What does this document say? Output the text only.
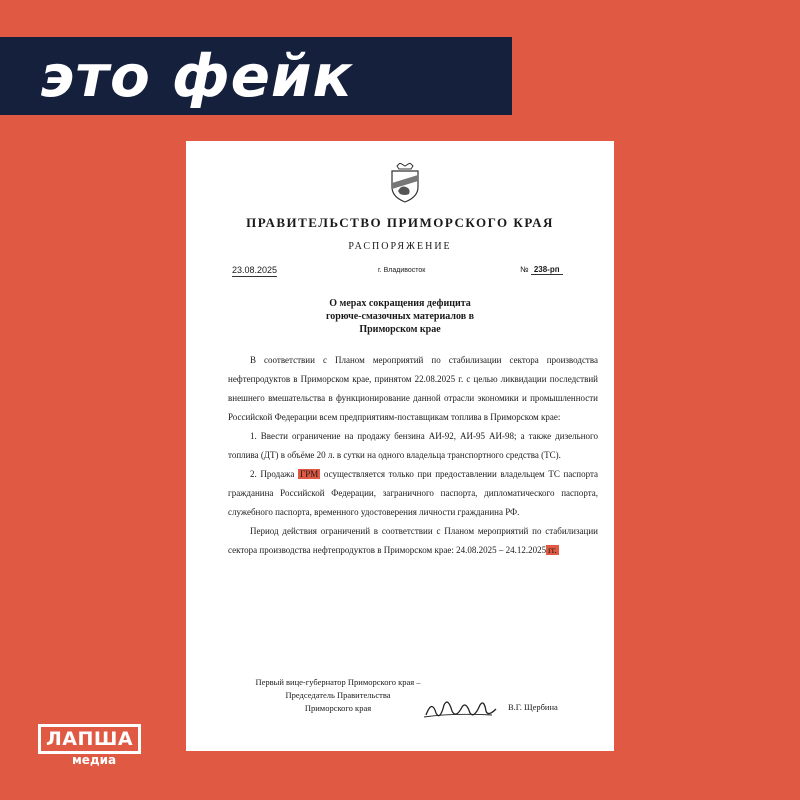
это фейк
ПРАВИТЕЛЬСТВО ПРИМОРСКОГО КРАЯ
РАСПОРЯЖЕНИЕ
23.08.2025	г. Владивосток	№ 238-рп
О мерах сокращения дефицита
горюче-смазочных материалов в
Приморском крае

В соответствии с Планом мероприятий по стабилизации сектора производства нефтепродуктов в Приморском крае, принятом 22.08.2025 г. с целью ликвидации последствий внешнего вмешательства в функционирование данной отрасли экономики и промышленности Российской Федерации всем предприятиям-поставщикам топлива в Приморском крае:

1. Ввести ограничение на продажу бензина АИ-92, АИ-95 АИ-98; а также дизельного топлива (ДТ) в объёме 20 л. в сутки на одного владельца транспортного средства (ТС).

2. Продажа ГРМ осуществляется только при предоставлении владельцем ТС паспорта гражданина Российской Федерации, заграничного паспорта, дипломатического паспорта, служебного паспорта, временного удостоверения личности гражданина РФ.

Период действия ограничений в соответствии с Планом мероприятий по стабилизации сектора производства нефтепродуктов в Приморском крае: 24.08.2025 – 24.12.2025 гг.

Первый вице-губернатор Приморского края –
Председатель Правительства
Приморского края	В.Г. Щербина
ЛАПША
медиа
